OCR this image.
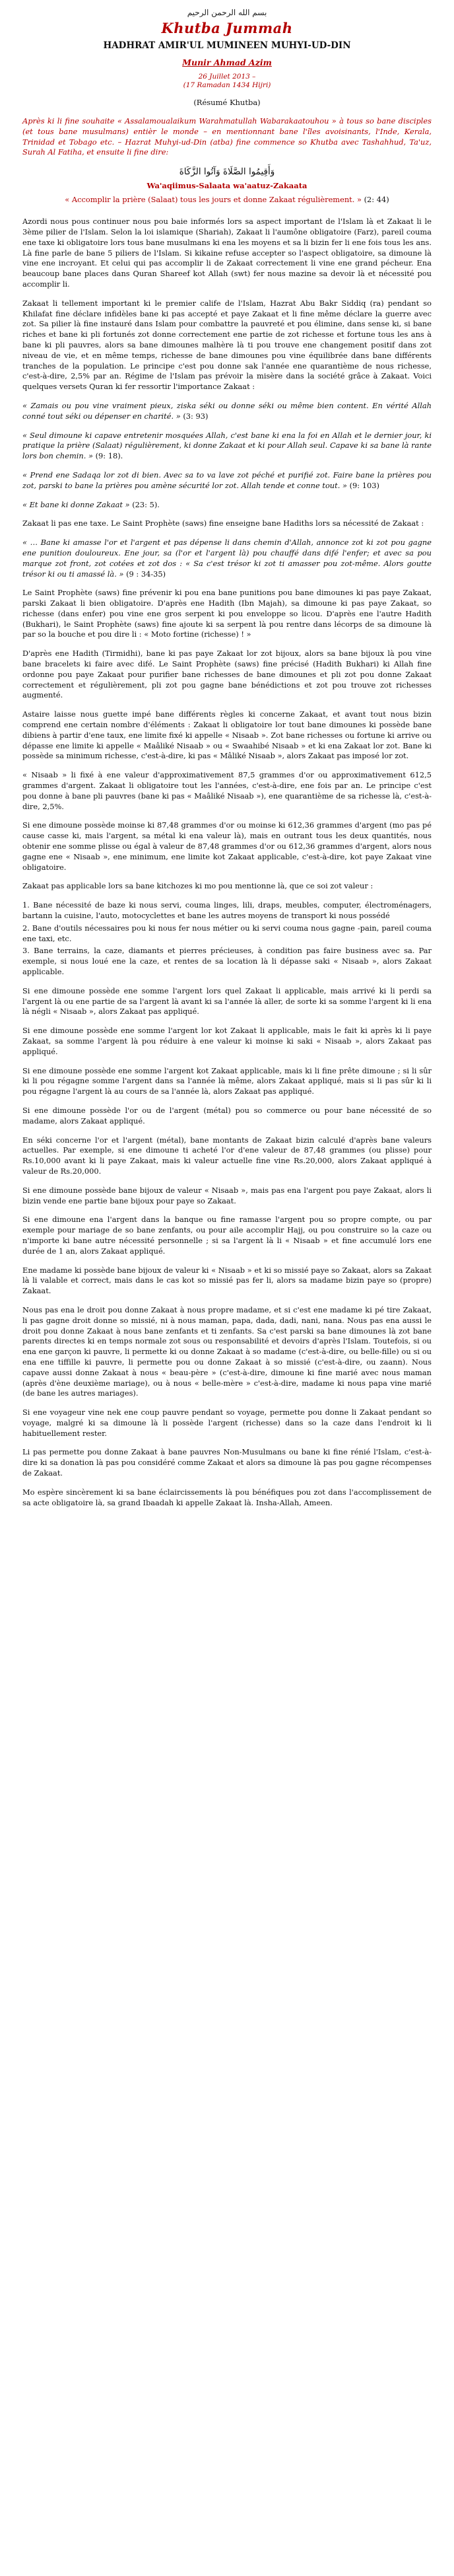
بسم الله الرحمن الرحيم
Khutba Jummah
HADHRAT AMIR'UL MUMINEEN MUHYI-UD-DIN
Munir Ahmad Azim
26 Juillet 2013 –
(17 Ramadan 1434 Hijri)
(Résumé Khutba)

Après ki li fine souhaite « Assalamoualaikum Warahmatullah Wabarakaatouhou » à tous so bane disciples (et tous bane musulmans) entièr le monde – en mentionnant bane l'îles avoisinants, l'Inde, Kerala, Trinidad et Tobago etc. – Hazrat Muhyi-ud-Din (atba) fine commence so Khutba avec Tashahhud, Ta'uz, Surah Al Fatiha, et ensuite li fine dire:

وَأَقِيمُوا الصَّلَاةَ وَآتُوا الزَّكَاةَ
Wa'aqiimus-Salaata wa'aatuz-Zakaata
« Accomplir la prière (Salaat) tous les jours et donne Zakaat régulièrement. » (2: 44)

Azordi nous pous continuer nous pou baie informés lors sa aspect important de l'Islam là et Zakaat li le 3ème pilier de l'Islam. Selon la loi islamique (Shariah), Zakaat li l'aumône obligatoire (Farz), pareil couma ene taxe ki obligatoire lors tous bane musulmans ki ena les moyens et sa li bizin fer li ene fois tous les ans. Là fine parle de bane 5 piliers de l'Islam. Si kikaine refuse accepter so l'aspect obligatoire, sa dimoune là vine ene incroyant. Et celui qui pas accomplir li de Zakaat correctement li vine ene grand pécheur. Ena beaucoup bane places dans Quran Shareef kot Allah (swt) fer nous mazine sa devoir là et nécessité pou accomplir li.

Zakaat li tellement important ki le premier calife de l'Islam, Hazrat Abu Bakr Siddiq (ra) pendant so Khilafat fine déclare infidèles bane ki pas accepté et paye Zakaat et li fine même déclare la guerre avec zot. Sa pilier là fine instauré dans Islam pour combattre la pauvreté et pou élimine, dans sense ki, si bane riches et bane ki pli fortunés zot donne correctement ene partie de zot richesse et fortune tous les ans à bane ki pli pauvres, alors sa bane dimounes malhère là ti pou trouve ene changement positif dans zot niveau de vie, et en même temps, richesse de bane dimounes pou vine équilibrée dans bane différents tranches de la population. Le principe c'est pou donne sak l'année ene quarantième de nous richesse, c'est-à-dire, 2,5% par an. Régime de l'Islam pas prévoir la misère dans la société grâce à Zakaat. Voici quelques versets Quran ki fer ressortir l'importance Zakaat :

« Zamais ou pou vine vraiment pieux, ziska séki ou donne séki ou même bien content. En vérité Allah conné tout séki ou dépenser en charité. » (3: 93)

« Seul dimoune ki capave entretenir mosquées Allah, c'est bane ki ena la foi en Allah et le dernier jour, ki pratique la prière (Salaat) régulièrement, ki donne Zakaat et ki pour Allah seul. Capave ki sa bane là rante lors bon chemin. » (9: 18).

« Prend ene Sadaqa lor zot di bien. Avec sa to va lave zot péché et purifié zot. Faire bane la prières pou zot, parski to bane la prières pou amène sécurité lor zot. Allah tende et conne tout. » (9: 103)

« Et bane ki donne Zakaat » (23: 5).

Zakaat li pas ene taxe. Le Saint Prophète (saws) fine enseigne bane Hadiths lors sa nécessité de Zakaat :

« … Bane ki amasse l'or et l'argent et pas dépense li dans chemin d'Allah, annonce zot ki zot pou gagne ene punition douloureux. Ene jour, sa (l'or et l'argent là) pou chauffé dans difé l'enfer; et avec sa pou marque zot front, zot cotées et zot dos : « Sa c'est trésor ki zot ti amasser pou zot-même. Alors goutte trésor ki ou ti amassé là. » (9 : 34-35)

Le Saint Prophète (saws) fine prévenir ki pou ena bane punitions pou bane dimounes ki pas paye Zakaat, parski Zakaat li bien obligatoire. D'après ene Hadith (Ibn Majah), sa dimoune ki pas paye Zakaat, so richesse (dans enfer) pou vine ene gros serpent ki pou enveloppe so licou. D'après ene l'autre Hadith (Bukhari), le Saint Prophète (saws) fine ajoute ki sa serpent là pou rentre dans lécorps de sa dimoune là par so la bouche et pou dire li : « Moto fortine (richesse) ! »

D'après ene Hadith (Tirmidhi), bane ki pas paye Zakaat lor zot bijoux, alors sa bane bijoux là pou vine bane bracelets ki faire avec difé. Le Saint Prophète (saws) fine précisé (Hadith Bukhari) ki Allah fine ordonne pou paye Zakaat pour purifier bane richesses de bane dimounes et pli zot pou donne Zakaat correctement et régulièrement, pli zot pou gagne bane bénédictions et zot pou trouve zot richesses augmenté.

Astaire laisse nous guette impé bane différents règles ki concerne Zakaat, et avant tout nous bizin comprend ene certain nombre d'éléments : Zakaat li obligatoire lor tout bane dimounes ki possède bane dibiens à partir d'ene taux, ene limite fixé ki appelle « Nisaab ». Zot bane richesses ou fortune ki arrive ou dépasse ene limite ki appelle « Maâliké Nisaab » ou « Swaahibé Nisaab » et ki ena Zakaat lor zot. Bane ki possède sa minimum richesse, c'est-à-dire, ki pas « Mâliké Nisaab », alors Zakaat pas imposé lor zot.

« Nisaab » li fixé à ene valeur d'approximativement 87,5 grammes d'or ou approximativement 612,5 grammes d'argent. Zakaat li obligatoire tout les l'années, c'est-à-dire, ene fois par an. Le principe c'est pou donne à bane pli pauvres (bane ki pas « Maâliké Nisaab »), ene quarantième de sa richesse là, c'est-à-dire, 2,5%.

Si ene dimoune possède moinse ki 87,48 grammes d'or ou moinse ki 612,36 grammes d'argent (mo pas pé cause casse ki, mais l'argent, sa métal ki ena valeur là), mais en outrant tous les deux quantités, nous obtenir ene somme plisse ou égal à valeur de 87,48 grammes d'or ou 612,36 grammes d'argent, alors nous gagne ene « Nisaab », ene minimum, ene limite kot Zakaat applicable, c'est-à-dire, kot paye Zakaat vine obligatoire.

Zakaat pas applicable lors sa bane kitchozes ki mo pou mentionne là, que ce soi zot valeur :

1. Bane nécessité de baze ki nous servi, couma linges, lili, draps, meubles, computer, électroménagers, bartann la cuisine, l'auto, motocyclettes et bane les autres moyens de transport ki nous possédé

2. Bane d'outils nécessaires pou ki nous fer nous métier ou ki servi couma nous gagne -pain, pareil couma ene taxi, etc.

3. Bane terrains, la caze, diamants et pierres précieuses, à condition pas faire business avec sa. Par exemple, si nous loué ene la caze, et rentes de sa location là li dépasse saki « Nisaab », alors Zakaat applicable.

Si ene dimoune possède ene somme l'argent lors quel Zakaat li applicable, mais arrivé ki li perdi sa l'argent là ou ene partie de sa l'argent là avant ki sa l'année là aller, de sorte ki sa somme l'argent ki li ena là négli « Nisaab », alors Zakaat pas appliqué.

Si ene dimoune possède ene somme l'argent lor kot Zakaat li applicable, mais le fait ki après ki li paye Zakaat, sa somme l'argent là pou réduire à ene valeur ki moinse ki saki « Nisaab », alors Zakaat pas appliqué.

Si ene dimoune possède ene somme l'argent kot Zakaat applicable, mais ki li fine prête dimoune ; si li sûr ki li pou régagne somme l'argent dans sa l'année là même, alors Zakaat appliqué, mais si li pas sûr ki li pou régagne l'argent là au cours de sa l'année là, alors Zakaat pas appliqué.

Si ene dimoune possède l'or ou de l'argent (métal) pou so commerce ou pour bane nécessité de so madame, alors Zakaat appliqué.

En séki concerne l'or et l'argent (métal), bane montants de Zakaat bizin calculé d'après bane valeurs actuelles. Par exemple, si ene dimoune ti acheté l'or d'ene valeur de 87,48 grammes (ou plisse) pour Rs.10,000 avant ki li paye Zakaat, mais ki valeur actuelle fine vine Rs.20,000, alors Zakaat appliqué à valeur de Rs.20,000.

Si ene dimoune possède bane bijoux de valeur « Nisaab », mais pas ena l'argent pou paye Zakaat, alors li bizin vende ene partie bane bijoux pour paye so Zakaat.

Si ene dimoune ena l'argent dans la banque ou fine ramasse l'argent pou so propre compte, ou par exemple pour mariage de so bane zenfants, ou pour aile accomplir Hajj, ou pou construire so la caze ou n'importe ki bane autre nécessité personnelle ; si sa l'argent là li « Nisaab » et fine accumulé lors ene durée de 1 an, alors Zakaat appliqué.

Ene madame ki possède bane bijoux de valeur ki « Nisaab » et ki so missié paye so Zakaat, alors sa Zakaat là li valable et correct, mais dans le cas kot so missié pas fer li, alors sa madame bizin paye so (propre) Zakaat.

Nous pas ena le droit pou donne Zakaat à nous propre madame, et si c'est ene madame ki pé tire Zakaat, li pas gagne droit donne so missié, ni à nous maman, papa, dada, dadi, nani, nana. Nous pas ena aussi le droit pou donne Zakaat à nous bane zenfants et ti zenfants. Sa c'est parski sa bane dimounes là zot bane parents directes ki en temps normale zot sous ou responsabilité et devoirs d'après l'Islam. Toutefois, si ou ena ene garçon ki pauvre, li permette ki ou donne Zakaat à so madame (c'est-à-dire, ou belle-fille) ou si ou ena ene tiffille ki pauvre, li permette pou ou donne Zakaat à so missié (c'est-à-dire, ou zaann). Nous capave aussi donne Zakaat à nous « beau-père » (c'est-à-dire, dimoune ki fine marié avec nous maman (après d'ène deuxième mariage), ou à nous « belle-mère » c'est-à-dire, madame ki nous papa vine marié (de bane les autres mariages).

Si ene voyageur vine nek ene coup pauvre pendant so voyage, permette pou donne li Zakaat pendant so voyage, malgré ki sa dimoune là li possède l'argent (richesse) dans so la caze dans l'endroit ki li habituellement rester.

Li pas permette pou donne Zakaat à bane pauvres Non-Musulmans ou bane ki fine rénié l'Islam, c'est-à-dire ki sa donation là pas pou considéré comme Zakaat et alors sa dimoune là pas pou gagne récompenses de Zakaat.

Mo espère sincèrement ki sa bane éclaircissements là pou bénéfiques pou zot dans l'accomplissement de sa acte obligatoire là, sa grand Ibaadah ki appelle Zakaat là. Insha-Allah, Ameen.
